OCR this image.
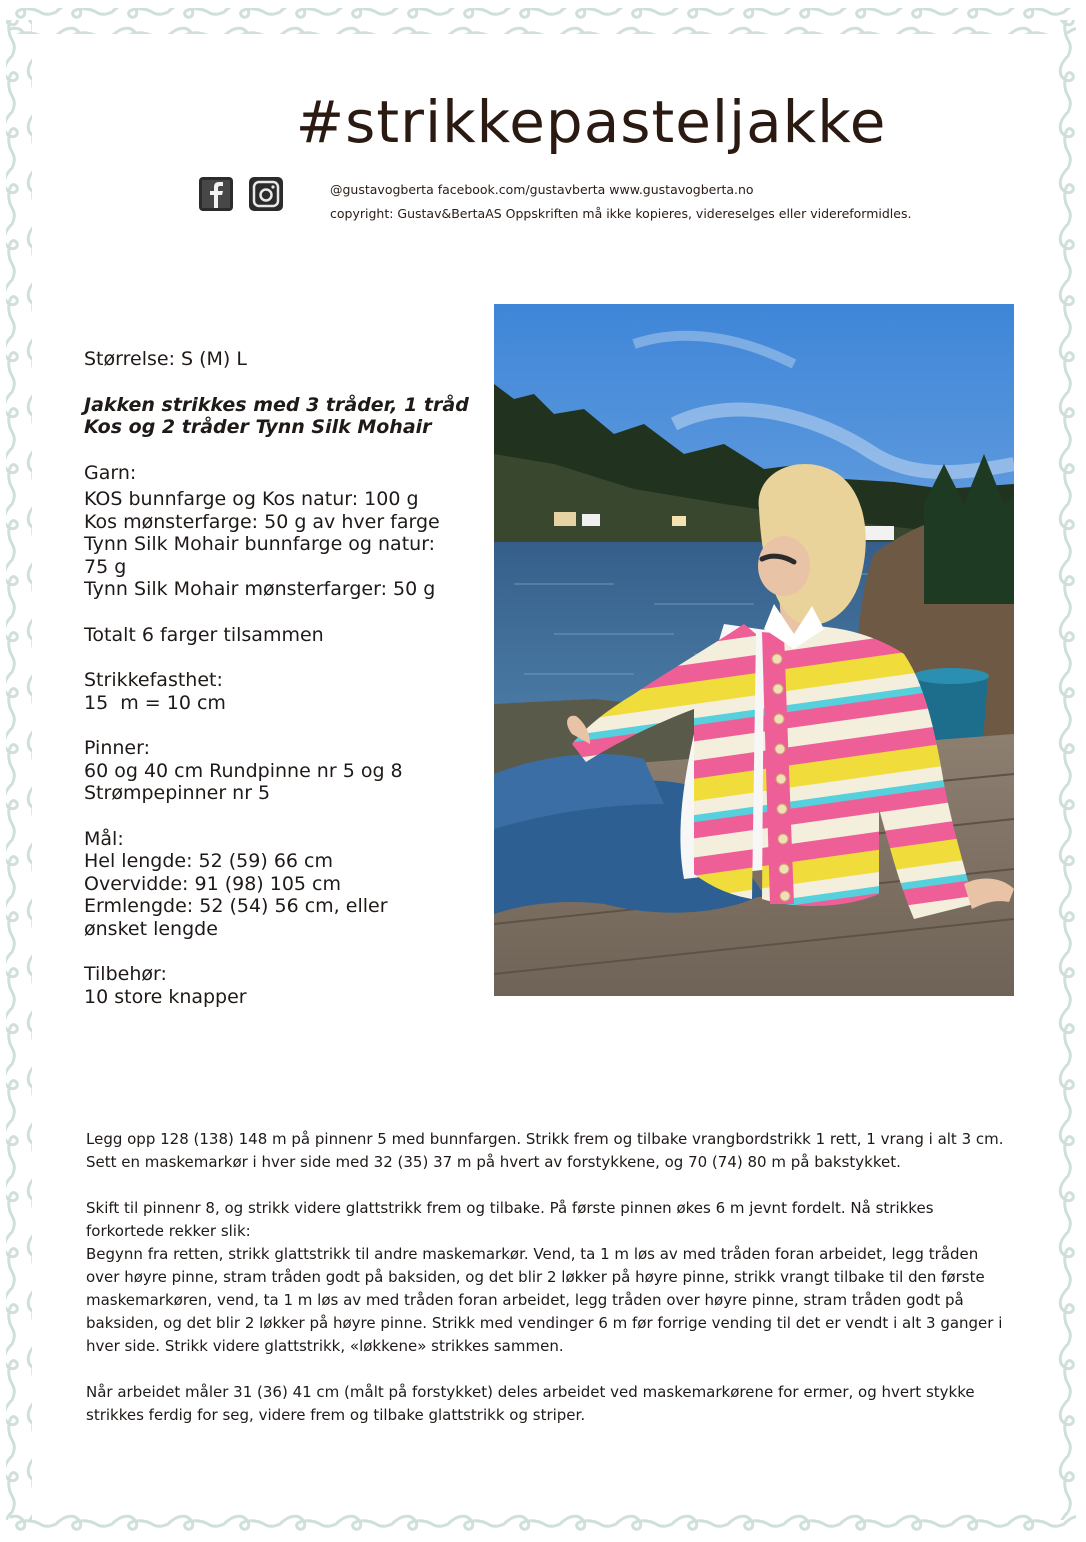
#strikkepasteljakke
@gustavogberta facebook.com/gustavberta www.gustavogberta.no
copyright: Gustav&BertaAS Oppskriften må ikke kopieres, videreselges eller videreformidles.
Størrelse: S (M) L
Jakken strikkes med 3 tråder, 1 tråd
Kos og 2 tråder Tynn Silk Mohair
Garn:
KOS bunnfarge og Kos natur: 100 g
Kos mønsterfarge: 50 g av hver farge
Tynn Silk Mohair bunnfarge og natur:
75 g
Tynn Silk Mohair mønsterfarger: 50 g
Totalt 6 farger tilsammen
Strikkefasthet:
15  m = 10 cm
Pinner:
60 og 40 cm Rundpinne nr 5 og 8
Strømpepinner nr 5
Mål:
Hel lengde: 52 (59) 66 cm
Overvidde: 91 (98) 105 cm
Ermlengde: 52 (54) 56 cm, eller
ønsket lengde
Tilbehør:
10 store knapper

Legg opp 128 (138) 148 m på pinnenr 5 med bunnfargen. Strikk frem og tilbake vrangbordstrikk 1 rett, 1 vrang i alt 3 cm. Sett en maskemarkør i hver side med 32 (35) 37 m på hvert av forstykkene, og 70 (74) 80 m på bakstykket.

Skift til pinnenr 8, og strikk videre glattstrikk frem og tilbake. På første pinnen økes 6 m jevnt fordelt. Nå strikkes forkortede rekker slik:
Begynn fra retten, strikk glattstrikk til andre maskemarkør. Vend, ta 1 m løs av med tråden foran arbeidet, legg tråden over høyre pinne, stram tråden godt på baksiden, og det blir 2 løkker på høyre pinne, strikk vrangt tilbake til den første maskemarkøren, vend, ta 1 m løs av med tråden foran arbeidet, legg tråden over høyre pinne, stram tråden godt på baksiden, og det blir 2 løkker på høyre pinne. Strikk med vendinger 6 m før forrige vending til det er vendt i alt 3 ganger i hver side. Strikk videre glattstrikk, «løkkene» strikkes sammen.

Når arbeidet måler 31 (36) 41 cm (målt på forstykket) deles arbeidet ved maskemarkørene for ermer, og hvert stykke strikkes ferdig for seg, videre frem og tilbake glattstrikk og striper.
